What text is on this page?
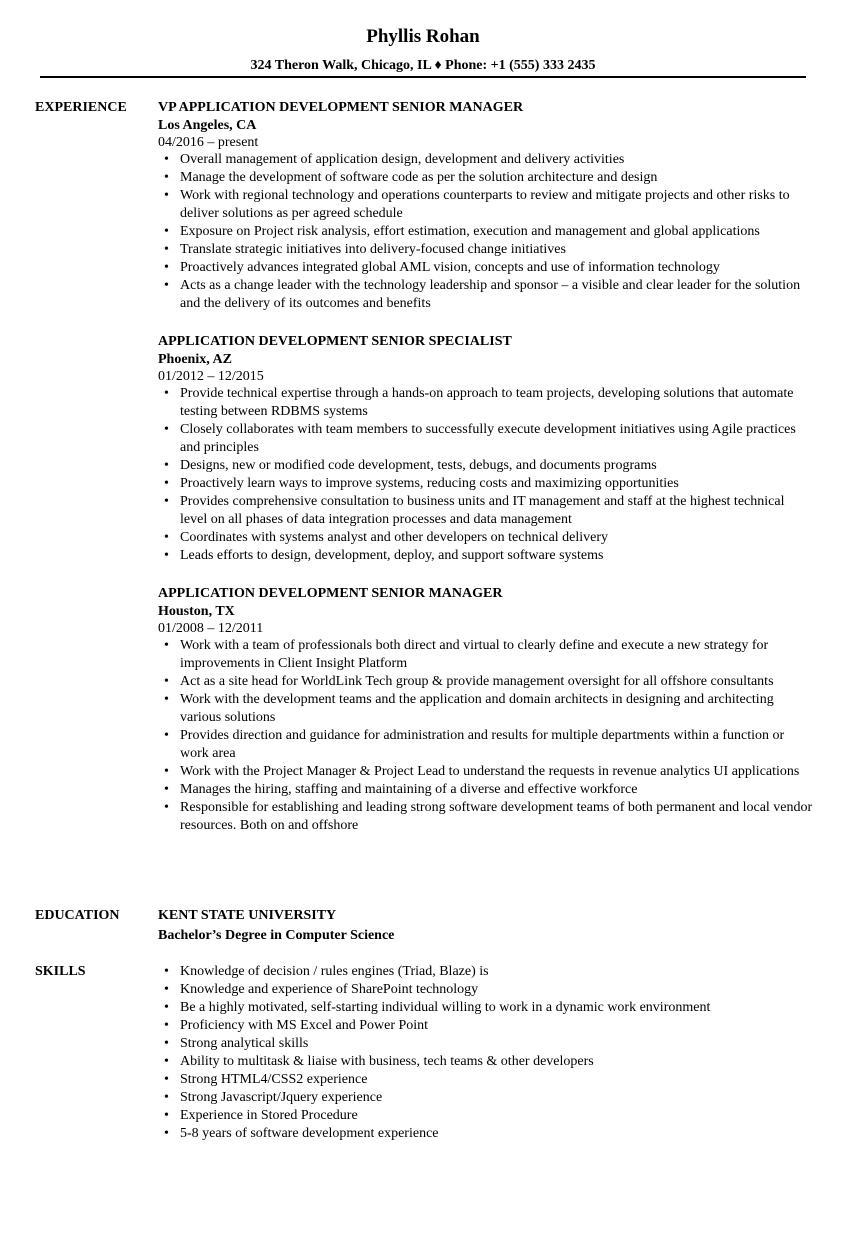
Phyllis Rohan
324 Theron Walk, Chicago, IL ♦ Phone: +1 (555) 333 2435
EXPERIENCE VP APPLICATION DEVELOPMENT SENIOR MANAGER
Los Angeles, CA
04/2016 – present
• Overall management of application design, development and delivery activities
• Manage the development of software code as per the solution architecture and design
• Work with regional technology and operations counterparts to review and mitigate projects and other risks to deliver solutions as per agreed schedule
• Exposure on Project risk analysis, effort estimation, execution and management and global applications
• Translate strategic initiatives into delivery-focused change initiatives
• Proactively advances integrated global AML vision, concepts and use of information technology
• Acts as a change leader with the technology leadership and sponsor – a visible and clear leader for the solution and the delivery of its outcomes and benefits
APPLICATION DEVELOPMENT SENIOR SPECIALIST
Phoenix, AZ
01/2012 – 12/2015
• Provide technical expertise through a hands-on approach to team projects, developing solutions that automate testing between RDBMS systems
• Closely collaborates with team members to successfully execute development initiatives using Agile practices and principles
• Designs, new or modified code development, tests, debugs, and documents programs
• Proactively learn ways to improve systems, reducing costs and maximizing opportunities
• Provides comprehensive consultation to business units and IT management and staff at the highest technical level on all phases of data integration processes and data management
• Coordinates with systems analyst and other developers on technical delivery
• Leads efforts to design, development, deploy, and support software systems
APPLICATION DEVELOPMENT SENIOR MANAGER
Houston, TX
01/2008 – 12/2011
• Work with a team of professionals both direct and virtual to clearly define and execute a new strategy for improvements in Client Insight Platform
• Act as a site head for WorldLink Tech group & provide management oversight for all offshore consultants
• Work with the development teams and the application and domain architects in designing and architecting various solutions
• Provides direction and guidance for administration and results for multiple departments within a function or work area
• Work with the Project Manager & Project Lead to understand the requests in revenue analytics UI applications
• Manages the hiring, staffing and maintaining of a diverse and effective workforce
• Responsible for establishing and leading strong software development teams of both permanent and local vendor resources. Both on and offshore
EDUCATION	KENT STATE UNIVERSITY
Bachelor’s Degree in Computer Science
SKILLS	• Knowledge of decision / rules engines (Triad, Blaze) is
• Knowledge and experience of SharePoint technology
• Be a highly motivated, self-starting individual willing to work in a dynamic work environment
• Proficiency with MS Excel and Power Point
• Strong analytical skills
• Ability to multitask & liaise with business, tech teams & other developers
• Strong HTML4/CSS2 experience
• Strong Javascript/Jquery experience
• Experience in Stored Procedure
• 5-8 years of software development experience
